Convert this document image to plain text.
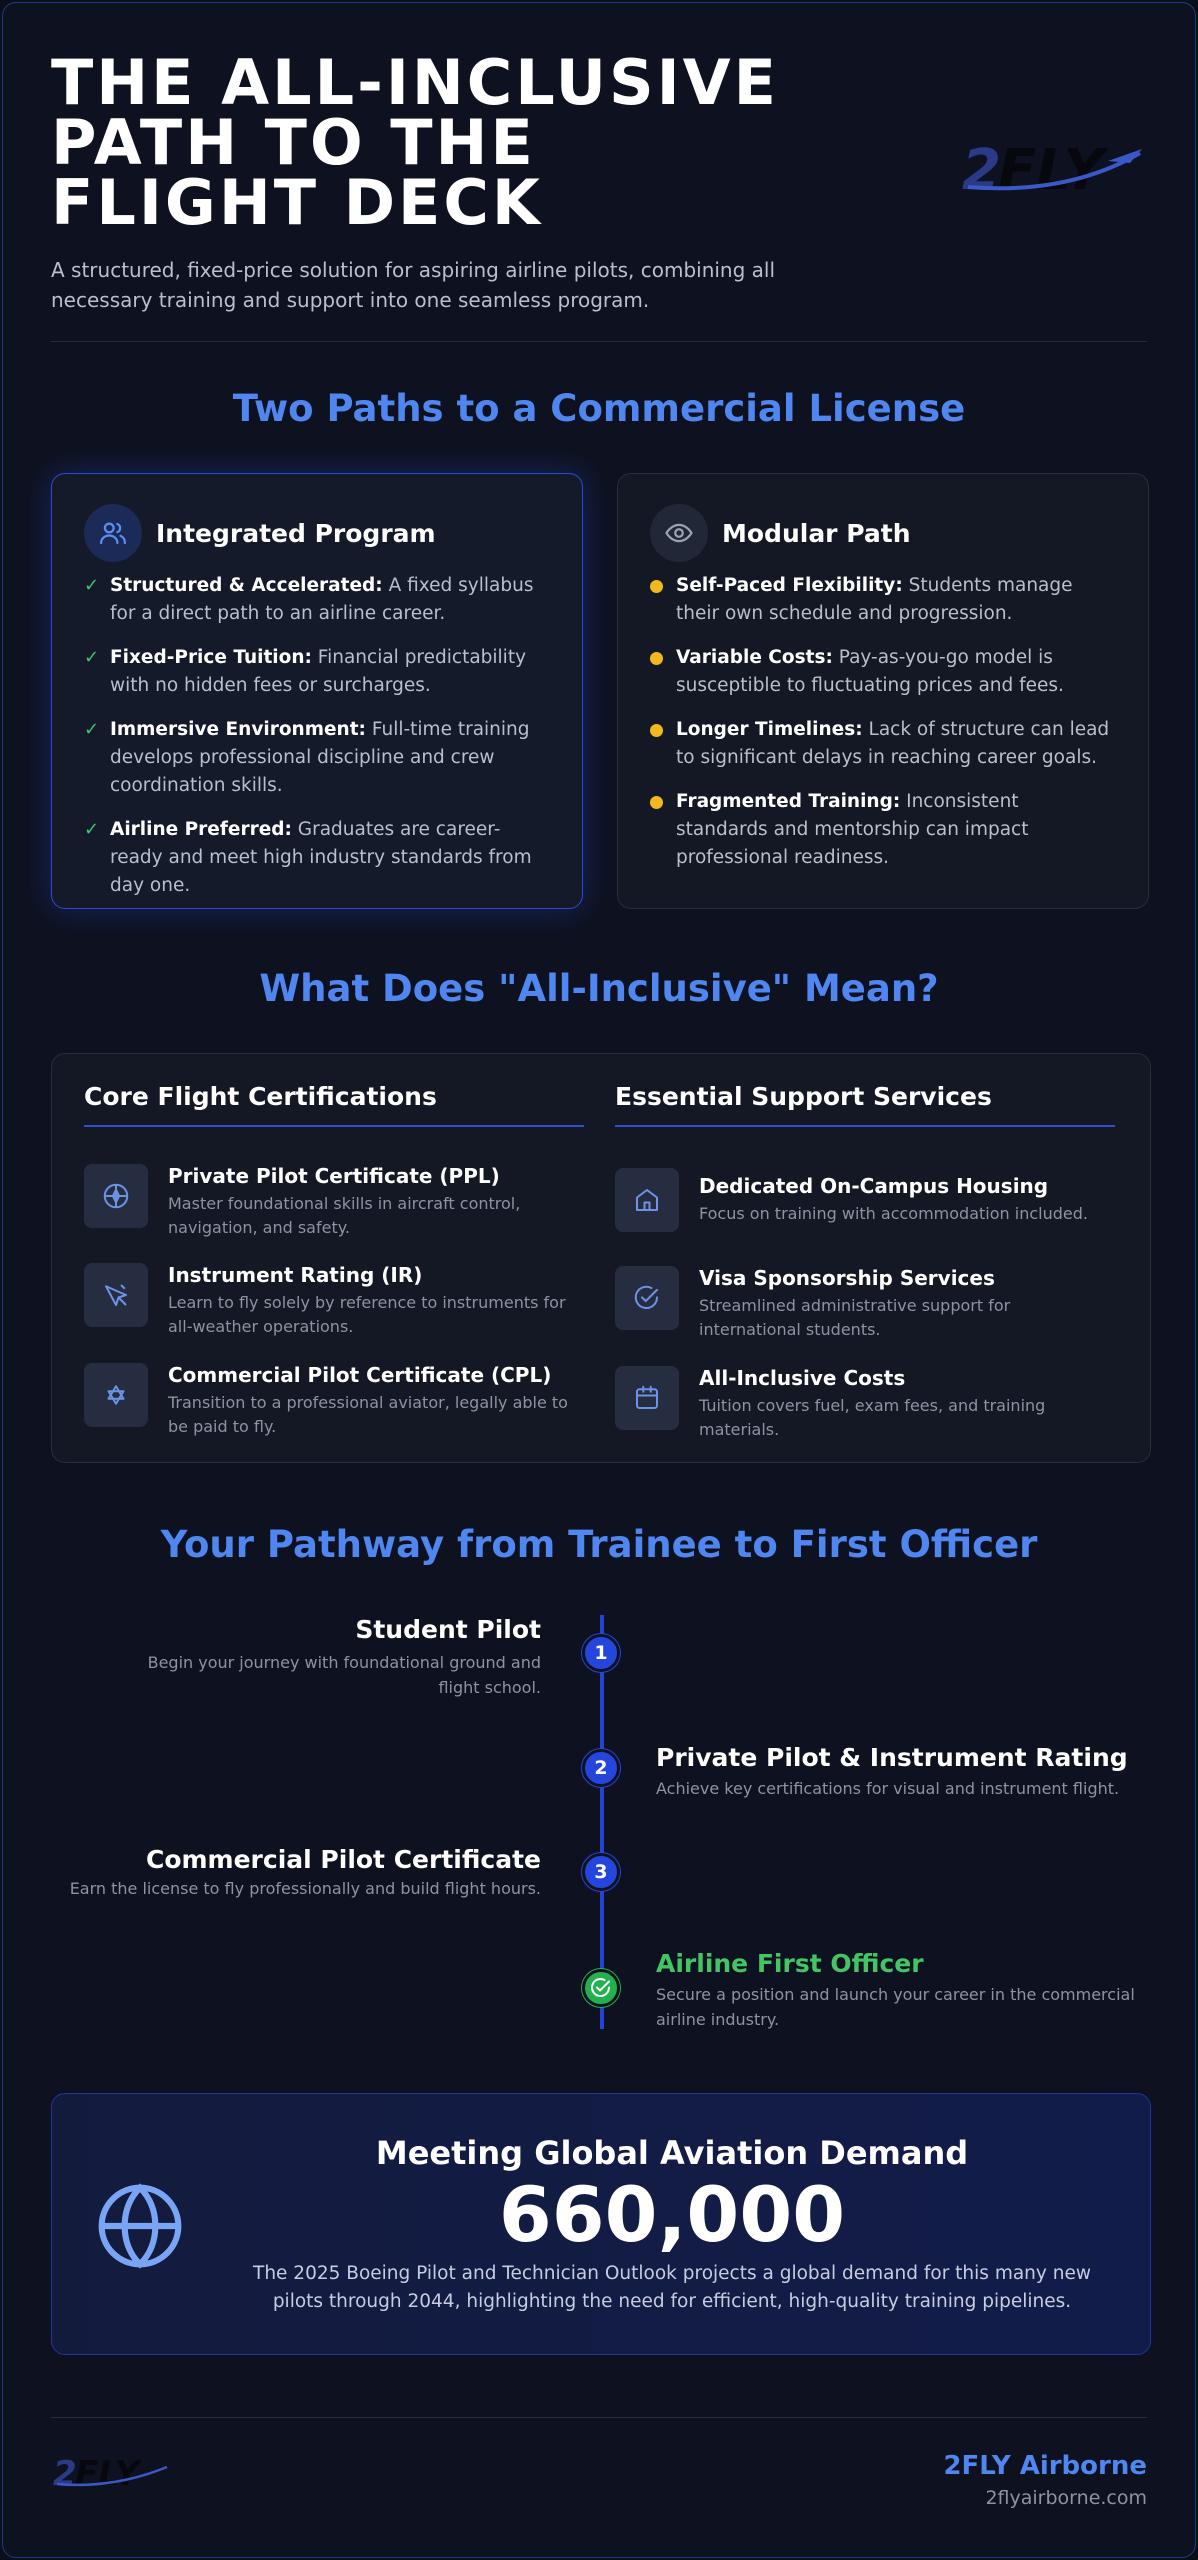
THE ALL-INCLUSIVE PATH TO THE FLIGHT DECK

A structured, fixed-price solution for aspiring airline pilots, combining all necessary training and support into one seamless program.

2
FLY
Two Paths to a Commercial License
Integrated Program
✓ Structured & Accelerated: A fixed syllabus for a direct path to an airline career.
✓ Fixed-Price Tuition: Financial predictability with no hidden fees or surcharges.
✓ Immersive Environment: Full-time training develops professional discipline and crew coordination skills.
✓ Airline Preferred: Graduates are career-ready and meet high industry standards from day one.
Modular Path
Self-Paced Flexibility: Students manage their own schedule and progression.
Variable Costs: Pay-as-you-go model is susceptible to fluctuating prices and fees.
Longer Timelines: Lack of structure can lead to significant delays in reaching career goals.
Fragmented Training: Inconsistent standards and mentorship can impact professional readiness.
What Does "All-Inclusive" Mean?
Core Flight Certifications
Private Pilot Certificate (PPL)
Master foundational skills in aircraft control, navigation, and safety.
Instrument Rating (IR)
Learn to fly solely by reference to instruments for all-weather operations.
Commercial Pilot Certificate (CPL)
Transition to a professional aviator, legally able to be paid to fly.
Essential Support Services
Dedicated On-Campus Housing
Focus on training with accommodation included.
Visa Sponsorship Services
Streamlined administrative support for international students.
All-Inclusive Costs
Tuition covers fuel, exam fees, and training materials.
Your Pathway from Trainee to First Officer
Student Pilot
Begin your journey with foundational ground and flight school.
1
Private Pilot & Instrument Rating
Achieve key certifications for visual and instrument flight.
2
Commercial Pilot Certificate
Earn the license to fly professionally and build flight hours.
3
Airline First Officer
Secure a position and launch your career in the commercial airline industry.
Meeting Global Aviation Demand
660,000
The 2025 Boeing Pilot and Technician Outlook projects a global demand for this many new pilots through 2044, highlighting the need for efficient, high-quality training pipelines.
2
FLY	2FLY Airborne
2flyairborne.com
